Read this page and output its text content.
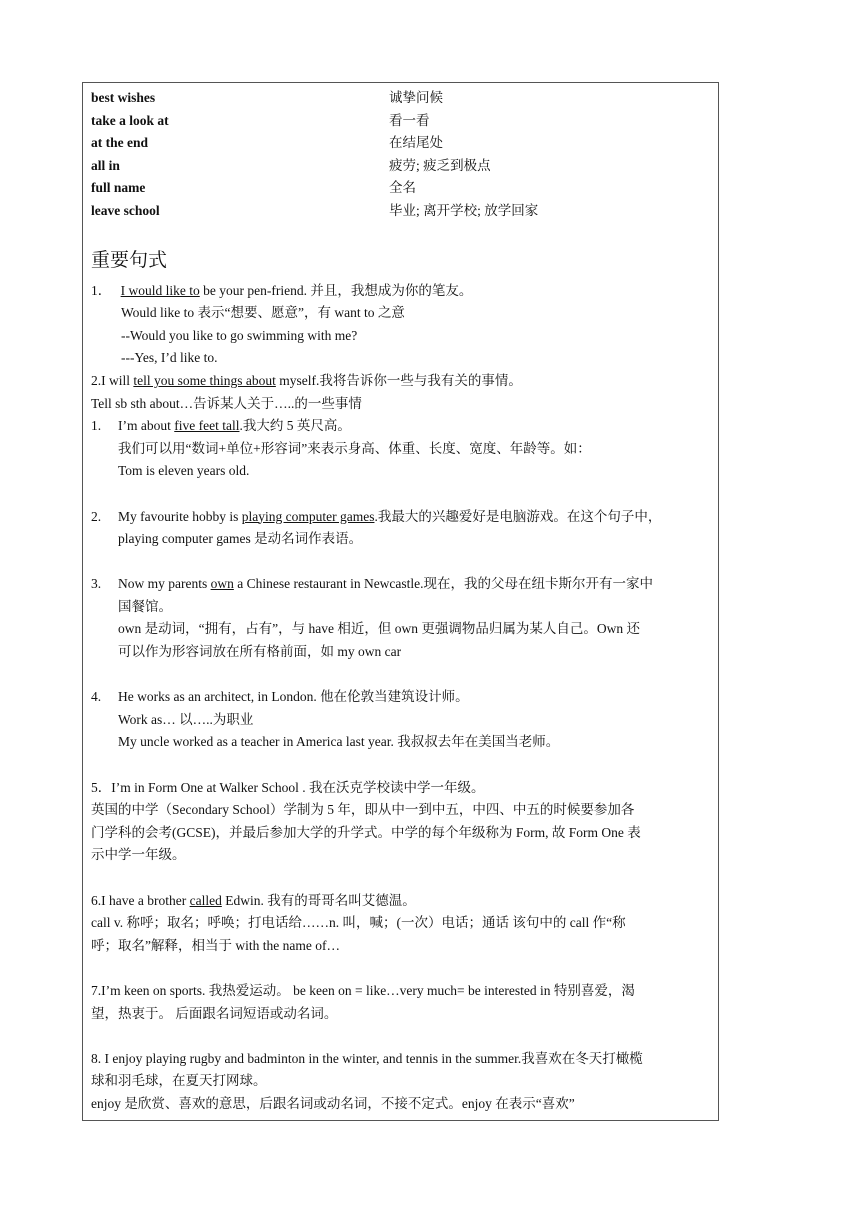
best wishes	诚挚问候
take a look at	看一看
at the end	在结尾处
all in	疲劳; 疲乏到极点
full name	全名
leave school	毕业; 离开学校; 放学回家
重要句式
1． I would like to be your pen-friend. 并且，我想成为你的笔友。
Would like to 表示“想要、愿意”，有 want to 之意
--Would you like to go swimming with me?
---Yes, I’d like to.
2.I will tell you some things about myself.我将告诉你一些与我有关的事情。
Tell sb sth about…告诉某人关于…..的一些事情
1. I’m about five feet tall.我大约 5 英尺高。
我们可以用“数词+单位+形容词”来表示身高、体重、长度、宽度、年龄等。如：
Tom is eleven years old.
2. My favourite hobby is playing computer games.我最大的兴趣爱好是电脑游戏。在这个句子中，
playing computer games 是动名词作表语。
3. Now my parents own a Chinese restaurant in Newcastle.现在，我的父母在纽卡斯尔开有一家中
国餐馆。
own 是动词，“拥有，占有”，与 have 相近，但 own 更强调物品归属为某人自己。Own 还
可以作为形容词放在所有格前面，如 my own car
4. He works as an architect, in London. 他在伦敦当建筑设计师。
Work as… 以…..为职业
My uncle worked as a teacher in America last year. 我叔叔去年在美国当老师。
5．I’m in Form One at Walker School . 我在沃克学校读中学一年级。
英国的中学（Secondary School）学制为 5 年，即从中一到中五，中四、中五的时候要参加各
门学科的会考(GCSE)，并最后参加大学的升学式。中学的每个年级称为 Form, 故 Form One 表
示中学一年级。
6.I have a brother called Edwin. 我有的哥哥名叫艾德温。
call v. 称呼；取名；呼唤；打电话给……n. 叫，喊；(一次）电话；通话 该句中的 call 作“称
呼；取名”解释，相当于 with the name of…
7.I’m keen on sports. 我热爱运动。 be keen on = like…very much= be interested in 特别喜爱，渴
望，热衷于。 后面跟名词短语或动名词。
8. I enjoy playing rugby and badminton in the winter, and tennis in the summer.我喜欢在冬天打橄榄
球和羽毛球，在夏天打网球。
enjoy 是欣赏、喜欢的意思，后跟名词或动名词，不接不定式。enjoy 在表示“喜欢”
